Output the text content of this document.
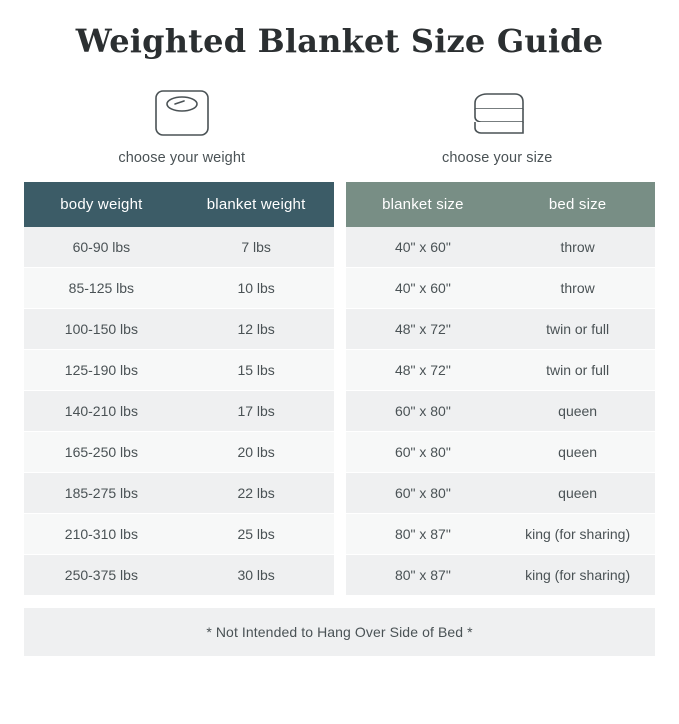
Weighted Blanket Size Guide
choose your weight	choose your size
body weight	blanket weight
60-90 lbs	7 lbs
85-125 lbs	10 lbs
100-150 lbs	12 lbs
125-190 lbs	15 lbs
140-210 lbs	17 lbs
165-250 lbs	20 lbs
185-275 lbs	22 lbs
210-310 lbs	25 lbs
250-375 lbs	30 lbs
blanket size	bed size
40" x 60"	throw
40" x 60"	throw
48" x 72"	twin or full
48" x 72"	twin or full
60" x 80"	queen
60" x 80"	queen
60" x 80"	queen
80" x 87"	king (for sharing)
80" x 87"	king (for sharing)
* Not Intended to Hang Over Side of Bed *
